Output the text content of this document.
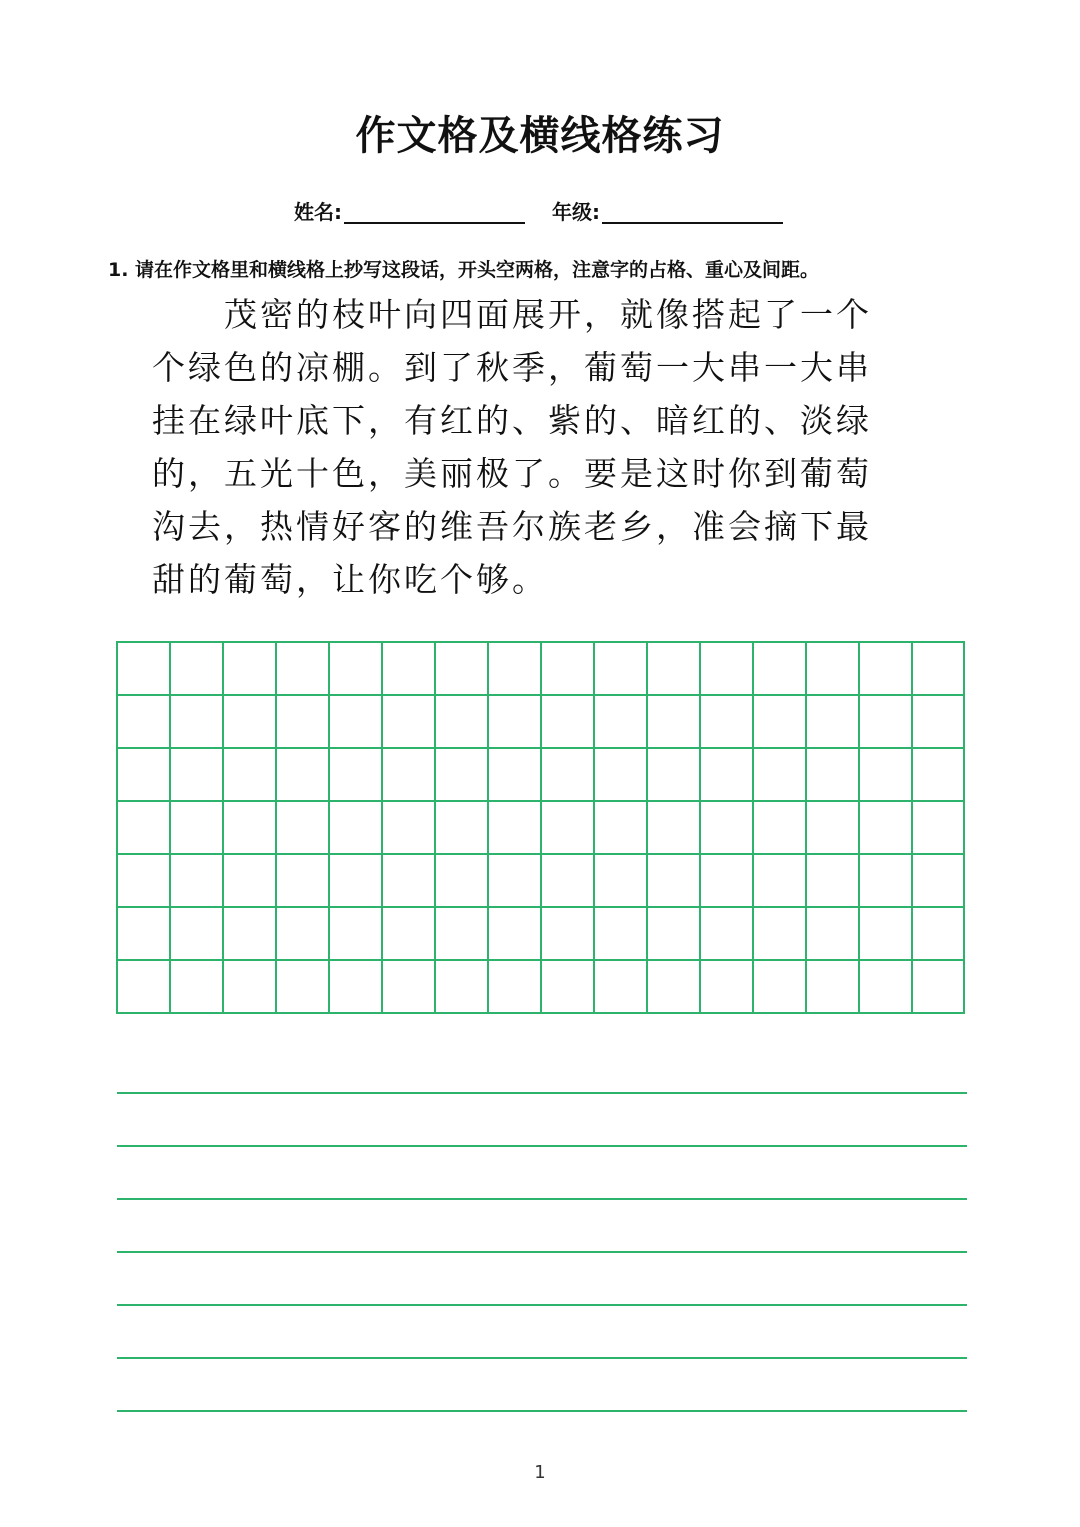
作文格及横线格练习
姓名:	年级:
1. 请在作文格里和横线格上抄写这段话，开头空两格，注意字的占格、重心及间距。
　　茂密的枝叶向四面展开，就像搭起了一个
个绿色的凉棚。到了秋季，葡萄一大串一大串
挂在绿叶底下，有红的、紫的、暗红的、淡绿
的，五光十色，美丽极了。要是这时你到葡萄
沟去，热情好客的维吾尔族老乡，准会摘下最
甜的葡萄，让你吃个够。
1
